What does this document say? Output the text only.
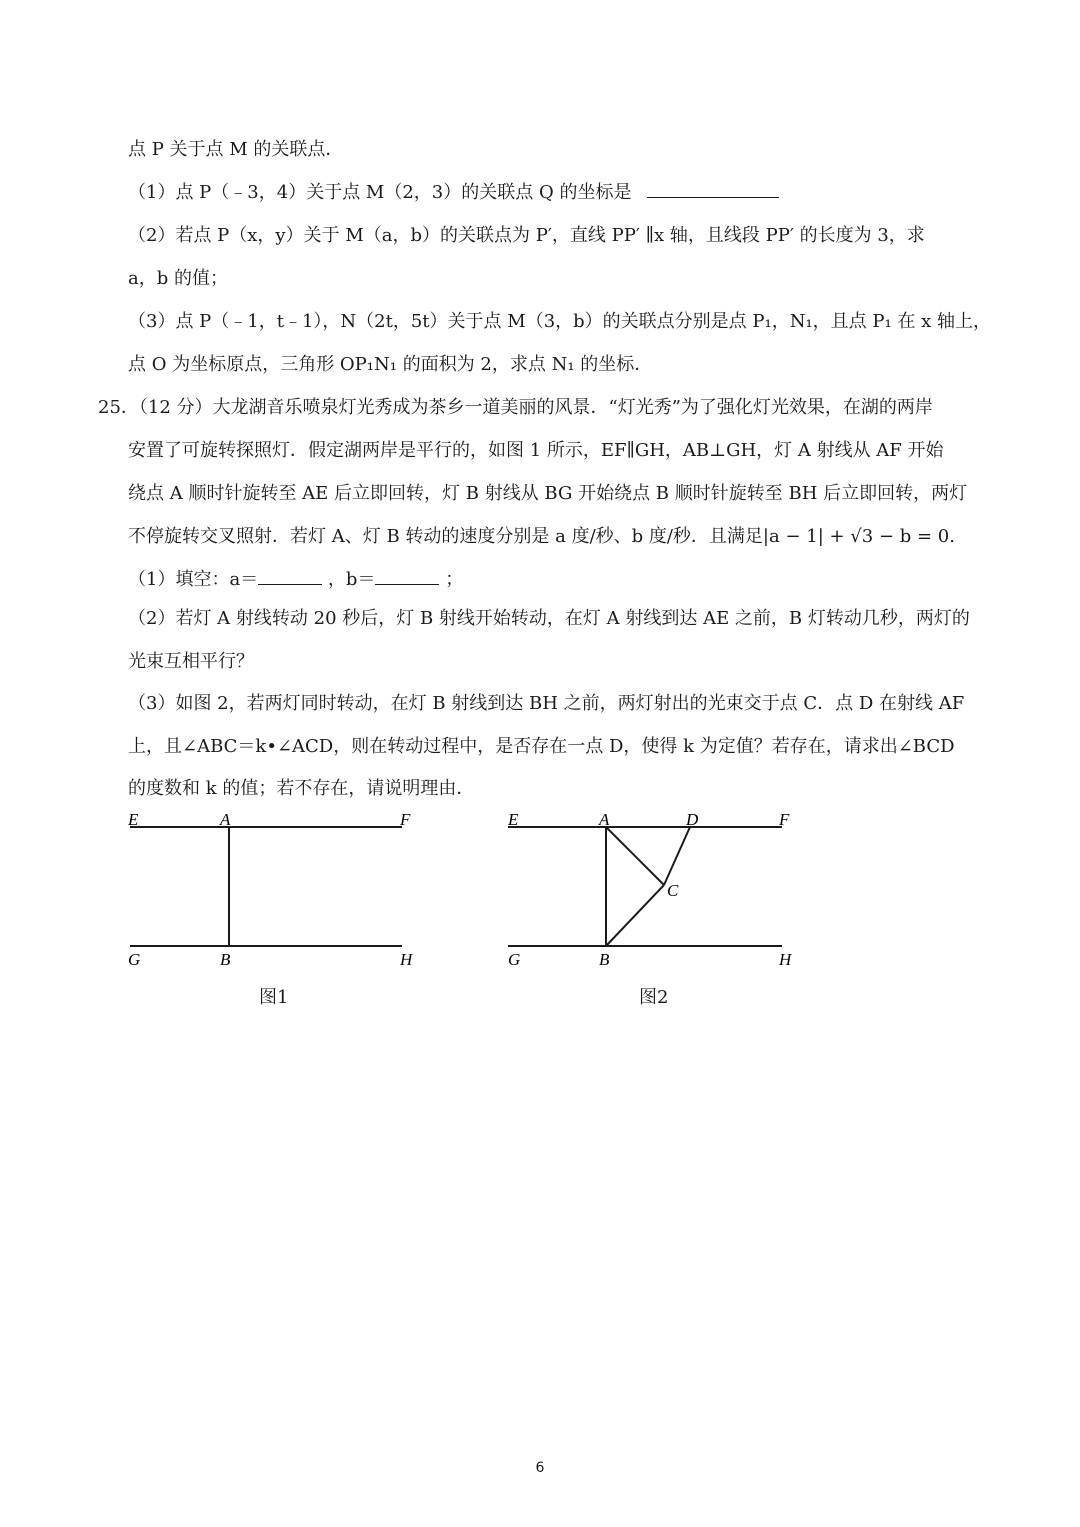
点 P 关于点 M 的关联点．
（1）点 P（﹣3，4）关于点 M（2，3）的关联点 Q 的坐标是
（2）若点 P（x，y）关于 M（a，b）的关联点为 P′，直线 PP′ ∥x 轴，且线段 PP′ 的长度为 3，求
a，b 的值；
（3）点 P（﹣1，t﹣1），N（2t，5t）关于点 M（3，b）的关联点分别是点 P₁，N₁，且点 P₁ 在 x 轴上，
点 O 为坐标原点，三角形 OP₁N₁ 的面积为 2，求点 N₁ 的坐标．
25．（12 分）大龙湖音乐喷泉灯光秀成为茶乡一道美丽的风景．“灯光秀”为了强化灯光效果，在湖的两岸
安置了可旋转探照灯．假定湖两岸是平行的，如图 1 所示，EF∥GH，AB⊥GH，灯 A 射线从 AF 开始
绕点 A 顺时针旋转至 AE 后立即回转，灯 B 射线从 BG 开始绕点 B 顺时针旋转至 BH 后立即回转，两灯
不停旋转交叉照射．若灯 A、灯 B 转动的速度分别是 a 度/秒、b 度/秒．且满足|a − 1| + √3 − b = 0.
（1）填空：a＝	，b＝	；
（2）若灯 A 射线转动 20 秒后，灯 B 射线开始转动，在灯 A 射线到达 AE 之前，B 灯转动几秒，两灯的
光束互相平行？
（3）如图 2，若两灯同时转动，在灯 B 射线到达 BH 之前，两灯射出的光束交于点 C．点 D 在射线 AF
上，且∠ABC＝k•∠ACD，则在转动过程中，是否存在一点 D，使得 k 为定值？若存在，请求出∠BCD
的度数和 k 的值；若不存在，请说明理由．
E	A	F
G	B	H
图1
E	A	D	F
C
G	B	H
图2
6
